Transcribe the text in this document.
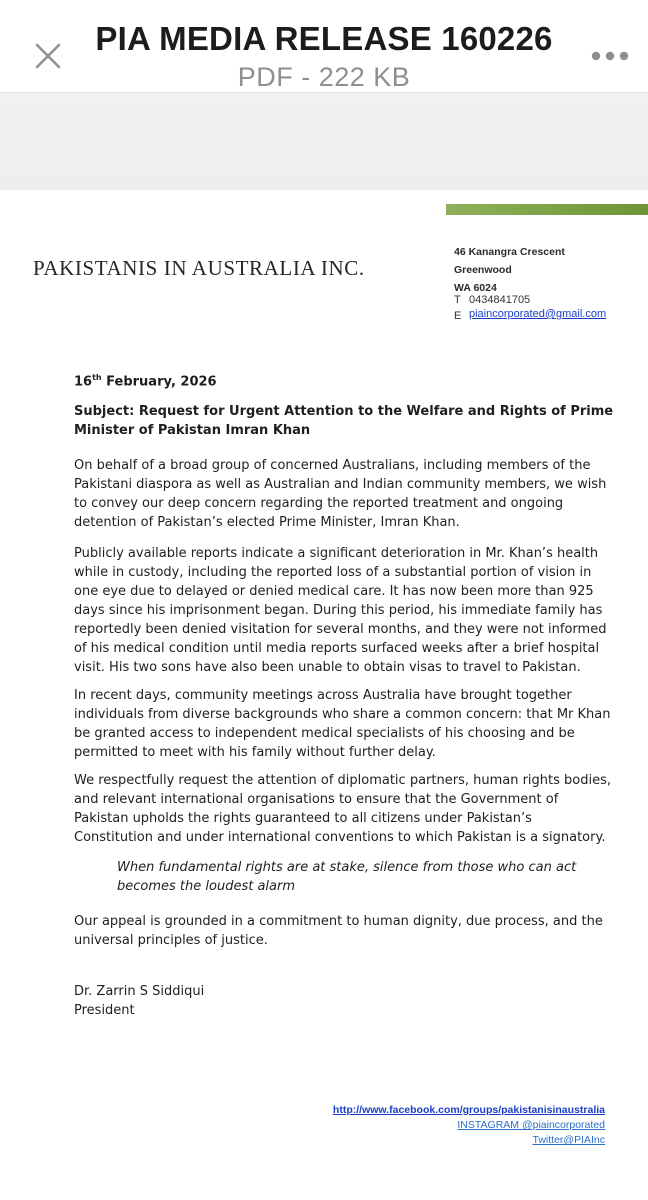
PIA MEDIA RELEASE 160226
PDF - 222 KB
PAKISTANIS IN AUSTRALIA INC.
46 Kanangra Crescent
Greenwood
WA 6024
T 0434841705
E piaincorporated@gmail.com
16th February, 2026
Subject: Request for Urgent Attention to the Welfare and Rights of Prime Minister of Pakistan Imran Khan
On behalf of a broad group of concerned Australians, including members of the Pakistani diaspora as well as Australian and Indian community members, we wish to convey our deep concern regarding the reported treatment and ongoing detention of Pakistan’s elected Prime Minister, Imran Khan.
Publicly available reports indicate a significant deterioration in Mr. Khan’s health while in custody, including the reported loss of a substantial portion of vision in one eye due to delayed or denied medical care. It has now been more than 925 days since his imprisonment began. During this period, his immediate family has reportedly been denied visitation for several months, and they were not informed of his medical condition until media reports surfaced weeks after a brief hospital visit. His two sons have also been unable to obtain visas to travel to Pakistan.
In recent days, community meetings across Australia have brought together individuals from diverse backgrounds who share a common concern: that Mr Khan be granted access to independent medical specialists of his choosing and be permitted to meet with his family without further delay.
We respectfully request the attention of diplomatic partners, human rights bodies, and relevant international organisations to ensure that the Government of Pakistan upholds the rights guaranteed to all citizens under Pakistan’s Constitution and under international conventions to which Pakistan is a signatory.
When fundamental rights are at stake, silence from those who can act
becomes the loudest alarm
Our appeal is grounded in a commitment to human dignity, due process, and the universal principles of justice.
Dr. Zarrin S Siddiqui
President
http://www.facebook.com/groups/pakistanisinaustralia
INSTAGRAM @piaincorporated
Twitter@PIAInc
